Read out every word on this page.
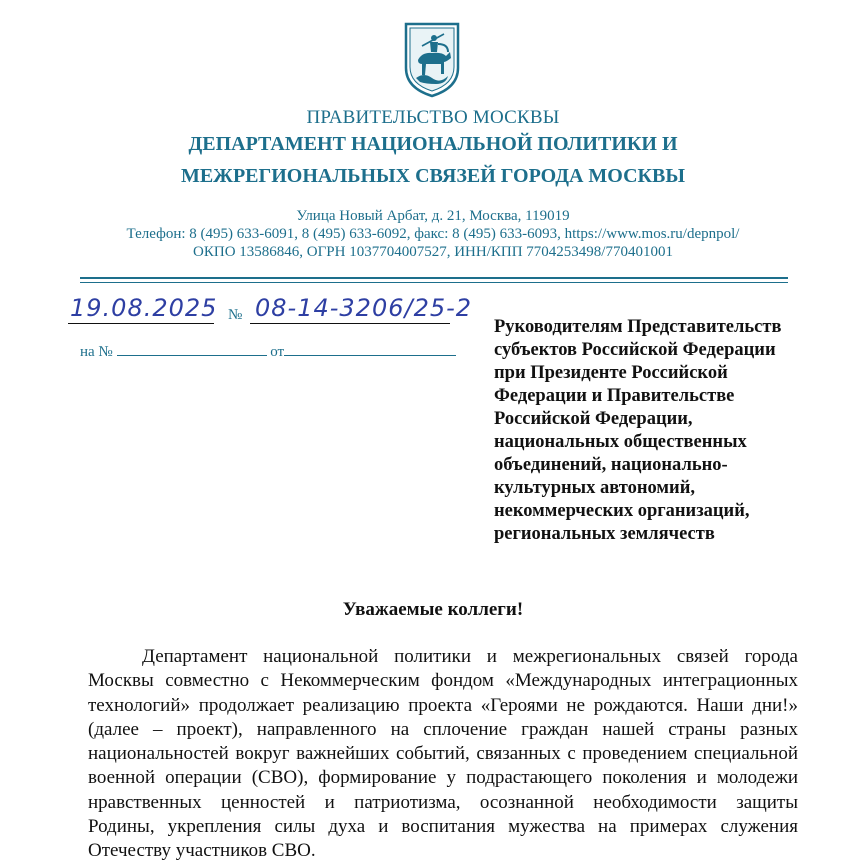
ПРАВИТЕЛЬСТВО МОСКВЫ
ДЕПАРТАМЕНТ НАЦИОНАЛЬНОЙ ПОЛИТИКИ И
МЕЖРЕГИОНАЛЬНЫХ СВЯЗЕЙ ГОРОДА МОСКВЫ
Улица Новый Арбат, д. 21, Москва, 119019
Телефон: 8 (495) 633-6091, 8 (495) 633-6092, факс: 8 (495) 633-6093, https://www.mos.ru/depnpol/
ОКПО 13586846, ОГРН 1037704007527, ИНН/КПП 7704253498/770401001
19.08.2025 № 08-14-3206/25-2
на №	от
Руководителям Представительств
субъектов Российской Федерации
при Президенте Российской
Федерации и Правительстве
Российской Федерации,
национальных общественных
объединений, национально-
культурных автономий,
некоммерческих организаций,
региональных землячеств
Уважаемые коллеги!
Департамент национальной политики и межрегиональных связей города
Москвы совместно с Некоммерческим фондом «Международных интеграционных
технологий» продолжает реализацию проекта «Героями не рождаются. Наши дни!»
(далее – проект), направленного на сплочение граждан нашей страны разных
национальностей вокруг важнейших событий, связанных с проведением специальной
военной операции (СВО), формирование у подрастающего поколения и молодежи
нравственных ценностей и патриотизма, осознанной необходимости защиты
Родины, укрепления силы духа и воспитания мужества на примерах служения
Отечеству участников СВО.
